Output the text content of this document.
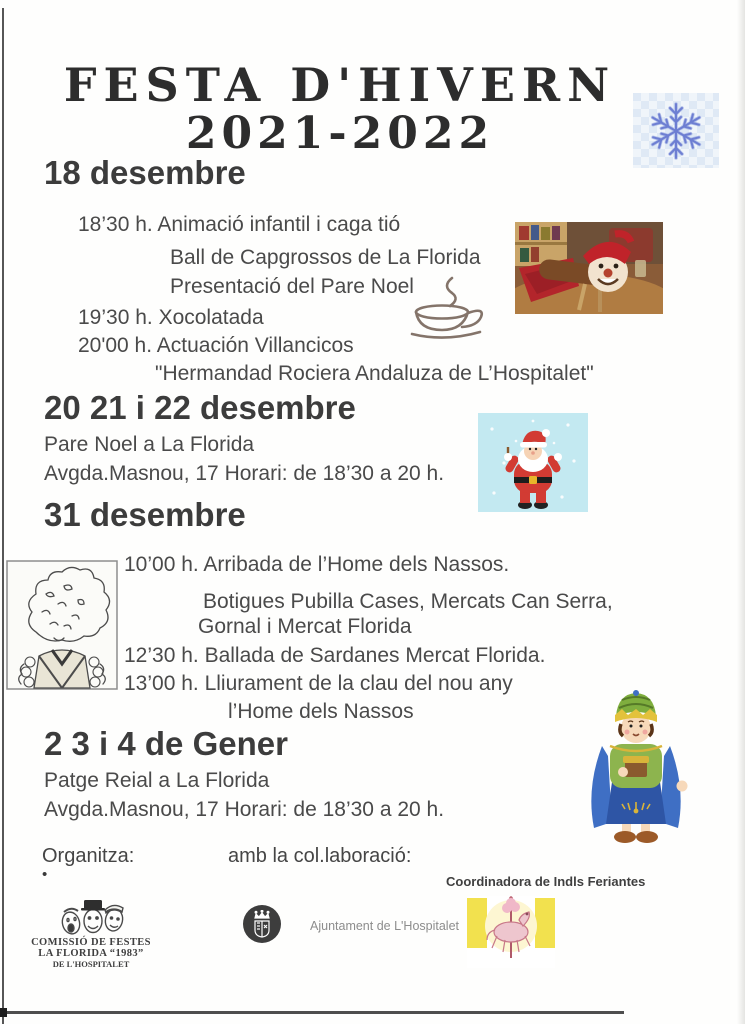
FESTA D'HIVERN
2021-2022
18 desembre
18’30 h. Animació infantil i caga tió
Ball de Capgrossos de La Florida
Presentació del Pare Noel
19’30 h. Xocolatada
20'00 h. Actuación Villancicos
"Hermandad Rociera Andaluza de L’Hospitalet"
20 21 i 22 desembre
Pare Noel a La Florida
Avgda.Masnou, 17 Horari: de 18’30 a 20 h.
31 desembre
10’00 h. Arribada de l’Home dels Nassos.
Botigues Pubilla Cases, Mercats Can Serra,
Gornal i Mercat Florida
12’30 h. Ballada de Sardanes Mercat Florida.
13’00 h. Lliurament de la clau del nou any
l’Home dels Nassos
2 3 i 4 de Gener
Patge Reial a La Florida
Avgda.Masnou, 17 Horari: de 18’30 a 20 h.
Organitza:	amb la col.laboració:
•	Coordinadora de Indls Feriantes
COMISSIÓ DE FESTES
LA FLORIDA “1983”
DE L'HOSPITALET
Ajuntament de L'Hospitalet
